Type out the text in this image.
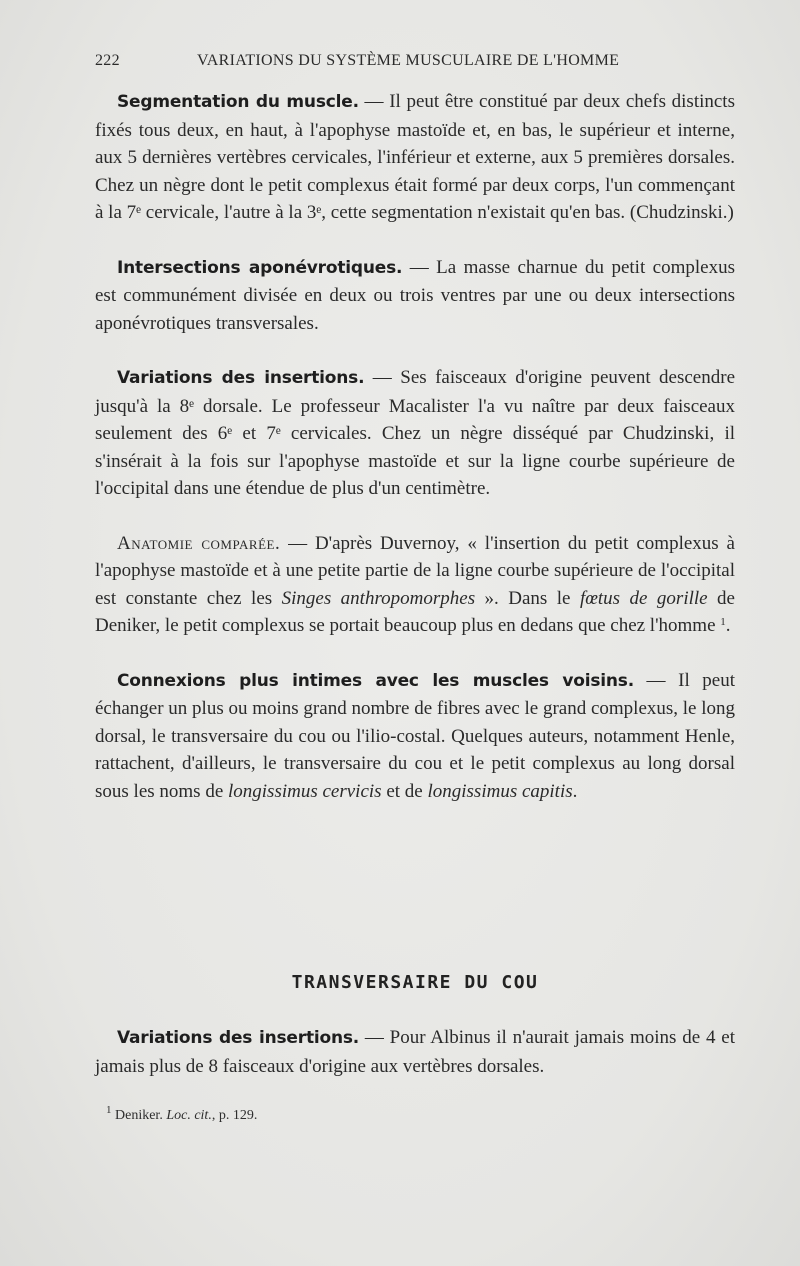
222	VARIATIONS DU SYSTÈME MUSCULAIRE DE L'HOMME

Segmentation du muscle. — Il peut être constitué par deux chefs distincts fixés tous deux, en haut, à l'apophyse mastoïde et, en bas, le supérieur et interne, aux 5 dernières vertèbres cervicales, l'inférieur et externe, aux 5 premières dorsales. Chez un nègre dont le petit complexus était formé par deux corps, l'un commençant à la 7ᵉ cervicale, l'autre à la 3ᵉ, cette segmentation n'existait qu'en bas. (Chudzinski.)

Intersections aponévrotiques. — La masse charnue du petit complexus est communément divisée en deux ou trois ventres par une ou deux intersections aponévrotiques transversales.

Variations des insertions. — Ses faisceaux d'origine peuvent descendre jusqu'à la 8ᵉ dorsale. Le professeur Macalister l'a vu naître par deux faisceaux seulement des 6ᵉ et 7ᵉ cervicales. Chez un nègre disséqué par Chudzinski, il s'insérait à la fois sur l'apophyse mastoïde et sur la ligne courbe supérieure de l'occipital dans une étendue de plus d'un centimètre.

Anatomie comparée. — D'après Duvernoy, « l'insertion du petit complexus à l'apophyse mastoïde et à une petite partie de la ligne courbe supérieure de l'occipital est constante chez les Singes anthropomorphes ». Dans le fœtus de gorille de Deniker, le petit complexus se portait beaucoup plus en dedans que chez l'homme $^1$.

Connexions plus intimes avec les muscles voisins. — Il peut échanger un plus ou moins grand nombre de fibres avec le grand complexus, le long dorsal, le transversaire du cou ou l'ilio-costal. Quelques auteurs, notamment Henle, rattachent, d'ailleurs, le transversaire du cou et le petit complexus au long dorsal sous les noms de longissimus cervicis et de longissimus capitis.

TRANSVERSAIRE DU COU

Variations des insertions. — Pour Albinus il n'aurait jamais moins de 4 et jamais plus de 8 faisceaux d'origine aux vertèbres dorsales.

$^1$ Deniker. Loc. cit., p. 129.
